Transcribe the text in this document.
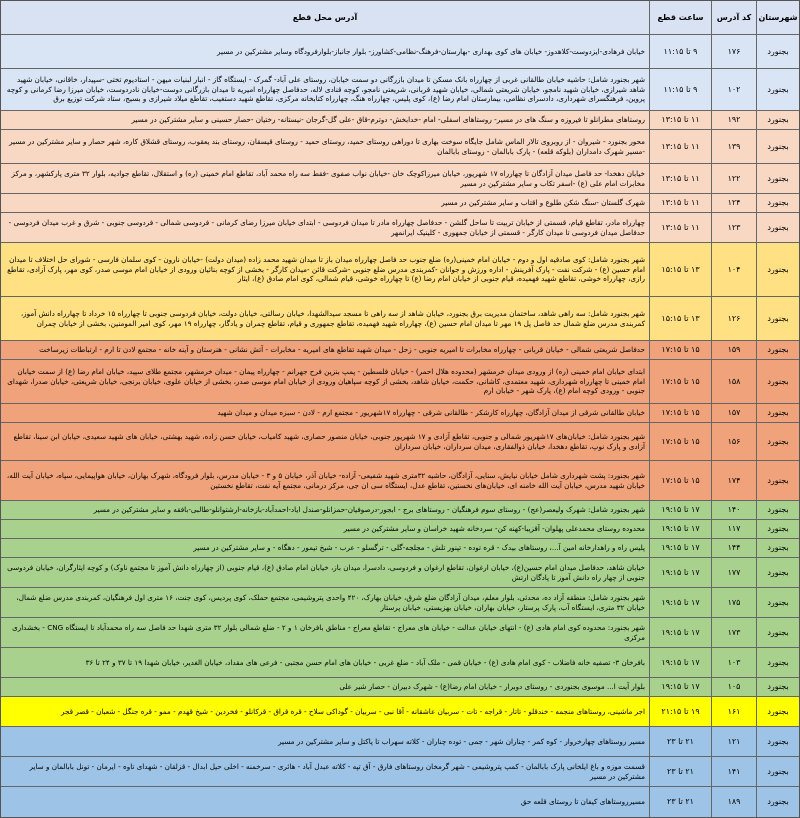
شهرستان
کد آدرس
ساعت قطع
آدرس محل قطع
بجنورد
۱۷۶
۹ تا ۱۱:۱۵
خیابان فرهادی-ایزدوست-کلاهدوز- خیابان های کوی بهداری -بهارستان-فرهنگ-نظامی-کشاورز- بلوار جانباز-بلوارفرودگاه وسایر مشترکین در مسیر
بجنورد
۱۰۲
۹ تا ۱۱:۱۵
شهر بجنورد شامل: حاشیه خیابان طالقانی غربی از چهارراه بانک مسکن تا میدان بازرگانی دو سمت خیابان، روستای علی آباد- گمرک - ایستگاه گاز - انبار لبنیات میهن - استادیوم تختی -سپیدار، خاقانی، خیابان شهید شاهد شیرازی، خیابان شهید نامجو، خیابان شریعتی شمالی، خیابان شهید قربانی، شریعتی نامجو، کوچه قنادی لاله، حدفاصل چهارراه امیریه تا میدان بازرگانی دوست-خیابان نادردوست، خیابان میرزا رضا کرمانی و کوچه پروین، فرهنگسرای شهرداری، دادسرای نظامی، بیمارستان امام رضا (ع)، کوی پلیس، چهارراه هنگ، چهارراه کتابخانه مرکزی، تقاطع شهید دستغیب، تقاطع میلاد شیرازی و بسیج، ستاد شرکت توزیع برق
بجنورد
۱۹۲
۱۱ تا ۱۳:۱۵
روستاهای مطرانلو تا فیروزه و سنگ های در مسیر- روستاهای اسفلی- امام -خدابخش- دوترم-قاق -علی گل-گرجان -نیستانه- رختیان -حصار حسینی و سایر مشترکین در مسیر
بجنورد
۱۳۹
۱۱ تا ۱۳:۱۵
محور بجنورد - شیروان - از روبروی تالار الماس شامل جایگاه سوخت بهاری تا دوراهی روستای حمید، روستای حمید - روستای قیسقان، روستای بند یعقوب، روستای قشلاق کاره، شهر حصار و سایر مشترکین در مسیر -مسیر شهرک دامداران (بلوکه قلعه) - پارک بابالمان - روستای بابالمان
بجنورد
۱۲۲
۱۱ تا ۱۳:۱۵
خیابان دهخدا- حد فاصل میدان آزادگان تا چهارراه ۱۷ شهریور، خیابان میرزاکوچک خان -خیابان نواب صفوی -فقط سه راه محمد آباد، تقاطع امام خمینی (ره) و استقلال، تقاطع جوادیه، بلوار ۳۲ متری پارکشهر، و مرکز مخابرات امام علی (ع) -اسفر تکاب و سایر مشترکین در مسیر
بجنورد
۱۲۴
۱۱ تا ۱۳:۱۵
شهرک گلستان -سنگ شکن طلوع و اقتاب و سایر مشترکین در مسیر
بجنورد
۱۲۳
۱۱ تا ۱۳:۱۵
چهارراه مادر، تقاطع قیام، قسمتی از خیابان تربیت تا ساحل گلشن - حدفاصل چهارراه مادر تا میدان فردوسی - ابتدای خیابان میرزا رضای کرمانی - فردوسی شمالی - فردوسی جنوبی - شرق و غرب میدان فردوسی - حدفاصل میدان فردوسی تا میدان کارگر - قسمتی از خیابان جمهوری - کلینیک ایرانمهر
بجنورد
۱۰۴
۱۳ تا ۱۵:۱۵
شهر بجنورد شامل: کوی صادقیه اول و دوم - خیابان امام خمینی(ره) ضلع جنوب حد فاصل چهارراه میدان باز تا میدان شهید محمد زاده (میدان دولت) -خیابان نارون - کوی سلمان فارسی - شورای حل اختلاف تا میدان امام حسین (ع) - شرکت نفت - پارک آفرینش - اداره ورزش و جوانان -کمربندی مدرس ضلع جنوبی -شرکت قائن -میدان کارگر - بخشی از کوچه بنائیان ورودی از خیابان امام موسی صدر، کوی مهر، پارک آزادی، تقاطع رازی، چهارراه خوشی، تقاطع شهید فهمیده، قیام جنوبی از خیابان امام رضا (ع) تا چهارراه خوشی، قیام شمالی، کوی امام صادق (ع)، ایثار
بجنورد
۱۲۶
۱۳ تا ۱۵:۱۵
شهر بجنورد شامل: سه راهی شاهد، ساختمان مدیریت برق بجنورد، خیابان شاهد از سه راهی تا مسجد سیدالشهدا، خیابان رسالتی، خیابان دولت، خیابان فردوسی جنوبی تا چهارراه ۱۵ خرداد تا چهارراه دانش آموز، کمربندی مدرس ضلع شمال حد فاصل پل ۱۹ مهر تا میدان امام حسین (ع)، چهارراه شهید فهمیده، تقاطع جمهوری و قیام، تقاطع چمران و یادگار، چهارراه ۱۹ مهر، کوی امیر المومنین، بخشی از خیابان چمران
بجنورد
۱۵۹
۱۵ تا ۱۷:۱۵
حدفاصل شریعتی شمالی - خیابان قربانی - چهارراه مخابرات تا امیریه جنوبی - زحل - میدان شهید تقاطع های امیریه - مخابرات - آتش نشانی - هنرستان و آینه خانه - مجتمع لادن تا ارم - ارتباطات زیرساخت
بجنورد
۱۵۸
۱۵ تا ۱۷:۱۵
ابتدای خیابان امام خمینی (ره) از ورودی میدان خرمشهر (محدوده هلال احمر) - خیابان فلسطین - پمپ بنزین فرح جهرانم - چهارراه پیمان - میدان خرمشهر، مجتمع طلای سپید، خیابان امام رضا (ع) از سمت خیابان امام خمینی تا چهارراه شهرداری، شهید معتمدی، کاشانی، حکمت، خیابان شاهد، بخشی از کوچه سپاهیان ورودی از خیابان امام موسی صدر، بخشی از خیابان علوی، خیابان برنجی، خیابان شریعتی، خیابان صدرا، شهدای جنوبی - ورودی کوچه امام (ع)، پارک شهر - خیابان ارم
بجنورد
۱۵۷
۱۵ تا ۱۷:۱۵
خیابان طالقانی شرقی از میدان آزادگان، چهارراه کارشکر - طالقانی شرقی - چهارراه ۱۷شهریور - مجتمع ارم - لادن - سبزه میدان و میدان شهید
بجنورد
۱۵۶
۱۵ تا ۱۷:۱۵
شهر بجنورد شامل: خیابان‌های ۱۷شهریور شمالی و جنوبی، تقاطع آزادی و ۱۷ شهریور جنوبی، خیابان منصور حصاری، شهید کامیاب، خیابان حسن زاده، شهید بهشتی، خیابان های شهید سعیدی، خیابان ابن سینا، تقاطع آزادی و پارک نوپ، تقاطع دهخدا، خیابان ذوالفقاری، میدان سرداران، خیابان سرداران
بجنورد
۱۷۴
۱۵ تا ۱۷:۱۵
شهر بجنورد: پشت شهرداری شامل خیابان نیایش، سنایی، آزادگان، حاشیه ۳۲متری شهید شفیعی- آزاده- خیابان آذر، خیابان ۵ و ۳ - خیابان مدرس، بلوار فرودگاه، شهرک بهاران، خیابان هواپیمایی، سپاه، خیابان آیت الله، خیابان شهید مدرس، خیابان آیت الله خامنه ای، خیابان‌های نخستین، تقاطع عدل، ایستگاه سی ان جی، مرکز درمانی، مجتمع آیه نفت، تقاطع نخستین
بجنورد
۱۴۰
۱۷ تا ۱۹:۱۵
شهر بجنورد شامل: شهرک ولیعصر(عج) - روستای سوم فرهنگیان - روستاهای برج - ابجور-درصوفیان-حمزانلو-صندل ایاد-احمدآباد-بازخانه-ارشتوانلو-طالبی-بافقه و سایر مشترکین در مسیر
بجنورد
۱۱۷
۱۷ تا ۱۹:۱۵
محدوده روستای محمدعلی پهلوان- آقزیبا-کهنه کن- سردخانه شهید خراسان و سایر مشترکین در مسیر
بجنورد
۱۴۴
۱۷ تا ۱۹:۱۵
پلیس راه و راهدارخانه امین آ...، روستاهای بیدک - قره توده - تپنور تلش - مجلجه-گلی - ترگسلو - عرب - شیخ تیمور - دهگاه - و سایر مشترکین در مسیر
بجنورد
۱۷۷
۱۷ تا ۱۹:۱۵
خیابان شاهد، حدفاصل میدان امام حسین(ع)، خیابان ارغوان، تقاطع ارغوان و فردوسی، دادسرا، میدان باز، خیابان امام صادق (ع)، قیام جنوبی (از چهارراه دانش آموز تا مجتمع ناوک) و کوچه ایثارگران، خیابان فردوسی جنوبی از چهار راه دانش آموز تا پادگان ارتش
بجنورد
۱۷۵
۱۷ تا ۱۹:۱۵
شهر بجنورد شامل: منطقه آزاد ده، محدثی، بلوار معلم، میدان آزادگان ضلع شرق، خیابان بهارک، ۴۲۰ واحدی پتروشیمی، مجتمع حملک، کوی پردیس، کوی جنت، ۱۶ متری اول فرهنگیان، کمربندی مدرس ضلع شمال، خیابان ۳۲ متری، ایستگاه آب، پارک پرستار، خیابان بهاران، خیابان بهزیستی، خیابان پرستار
بجنورد
۱۷۳
۱۷ تا ۱۹:۱۵
شهر بجنورد: محدوده کوی امام هادی (ع) - انتهای خیابان عدالت - خیابان های معراج - تقاطع معراج - مناطق بافرخان ۱ و ۲ - ضلع شمالی بلوار ۳۲ متری شهدا حد فاصل سه راه محمدآباد تا ایستگاه CNG - بخشداری مرکزی
بجنورد
۱۰۳
۱۷ تا ۱۹:۱۵
بافرخان ۳- تصفیه خانه فاضلاب - کوی امام هادی (ع) - خیابان قمی - ملک آباد - ضلع غربی - خیابان های امام حسن مجتبی - فرعی های مقداد، خیابان الغدیر، خیابان شهدا ۱۹ تا ۳۷ و ۲۴ تا ۳۶
بجنورد
۱۰۵
۱۷ تا ۱۹:۱۵
بلوار آیت ا... موسوی بجنوردی - روستای دوبرار - خیابان امام رضا(ع) - شهرک دبیران - حصار شیر علی
بجنورد
۱۶۱
۱۹ تا ۲۱:۱۵
اجر ماشینی، روستاهای منجمه - خندقلو - تاتار - قراجه - تات - سربیان عاشقانه - آقا نبی - سربیان - گوداکی سلاح - قره قراق - قرکانلو - فخردین - شیخ قهدم - ممو - قره جنگل - شعبان - قصر قجر
بجنورد
۱۲۱
۲۱ تا ۲۳
مسیر روستاهای چهارخروار - کوه کمر - چناران شهر - جمی - توده چناران - کلاته سهراب تا پاکتل و سایر مشترکین در مسیر
بجنورد
۱۴۱
۲۱ تا ۲۳
قسمت موزه و باغ ایلخانی پارک بابالمان - کمپ پتروشیمی - شهر گرمخان روستاهای فارق - آق تپه - کلاته عبدل آباد - هائری - سرخمنه - اخلی حیل ابدال - قزلقان - شهدای تاوه - ایرمان - تونل بابالمان و سایر مشترکین در مسیر
بجنورد
۱۸۹
۲۱ تا ۲۳
مسیرروستاهای کیفان تا روستای قلعه حق
